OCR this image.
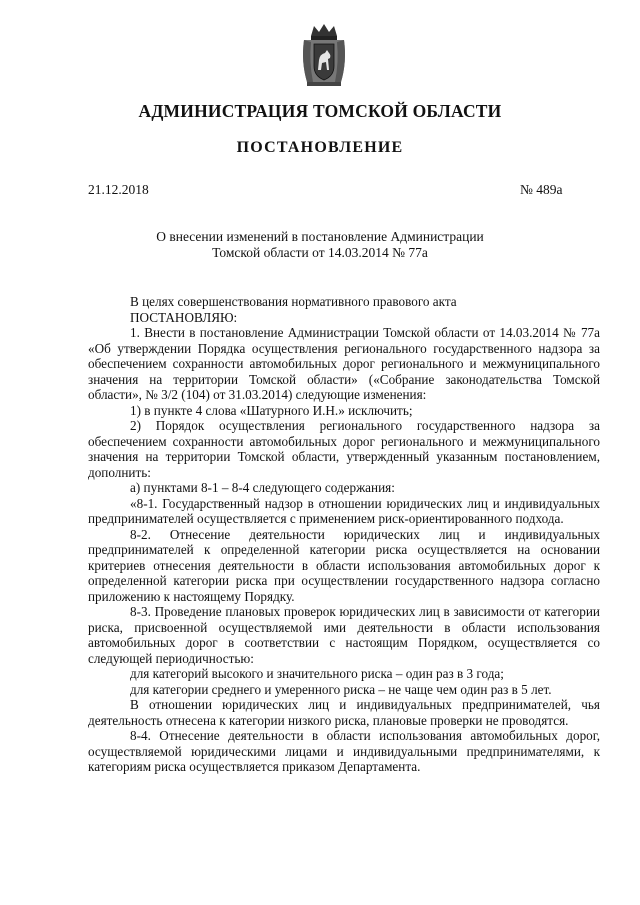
АДМИНИСТРАЦИЯ ТОМСКОЙ ОБЛАСТИ
ПОСТАНОВЛЕНИЕ
21.12.2018	№ 489а
О внесении изменений в постановление Администрации
Томской области от 14.03.2014 № 77а

В целях совершенствования нормативного правового акта

ПОСТАНОВЛЯЮ:

1. Внести в постановление Администрации Томской области от 14.03.2014 № 77а «Об утверждении Порядка осуществления регионального государственного надзора за обеспечением сохранности автомобильных дорог регионального и межмуниципального значения на территории Томской области» («Собрание законодательства Томской области», № 3/2 (104) от 31.03.2014) следующие изменения:

1) в пункте 4 слова «Шатурного И.Н.» исключить;

2) Порядок осуществления регионального государственного надзора за обеспечением сохранности автомобильных дорог регионального и межмуниципального значения на территории Томской области, утвержденный указанным постановлением, дополнить:

а) пунктами 8-1 – 8-4 следующего содержания:

«8-1. Государственный надзор в отношении юридических лиц и индивидуальных предпринимателей осуществляется с применением риск-ориентированного подхода.

8-2. Отнесение деятельности юридических лиц и индивидуальных предпринимателей к определенной категории риска осуществляется на основании критериев отнесения деятельности в области использования автомобильных дорог к определенной категории риска при осуществлении государственного надзора согласно приложению к настоящему Порядку.

8-3. Проведение плановых проверок юридических лиц в зависимости от категории риска, присвоенной осуществляемой ими деятельности в области использования автомобильных дорог в соответствии с настоящим Порядком, осуществляется со следующей периодичностью:

для категорий высокого и значительного риска – один раз в 3 года;

для категории среднего и умеренного риска – не чаще чем один раз в 5 лет.

В отношении юридических лиц и индивидуальных предпринимателей, чья деятельность отнесена к категории низкого риска, плановые проверки не проводятся.

8-4. Отнесение деятельности в области использования автомобильных дорог, осуществляемой юридическими лицами и индивидуальными предпринимателями, к категориям риска осуществляется приказом Департамента.
